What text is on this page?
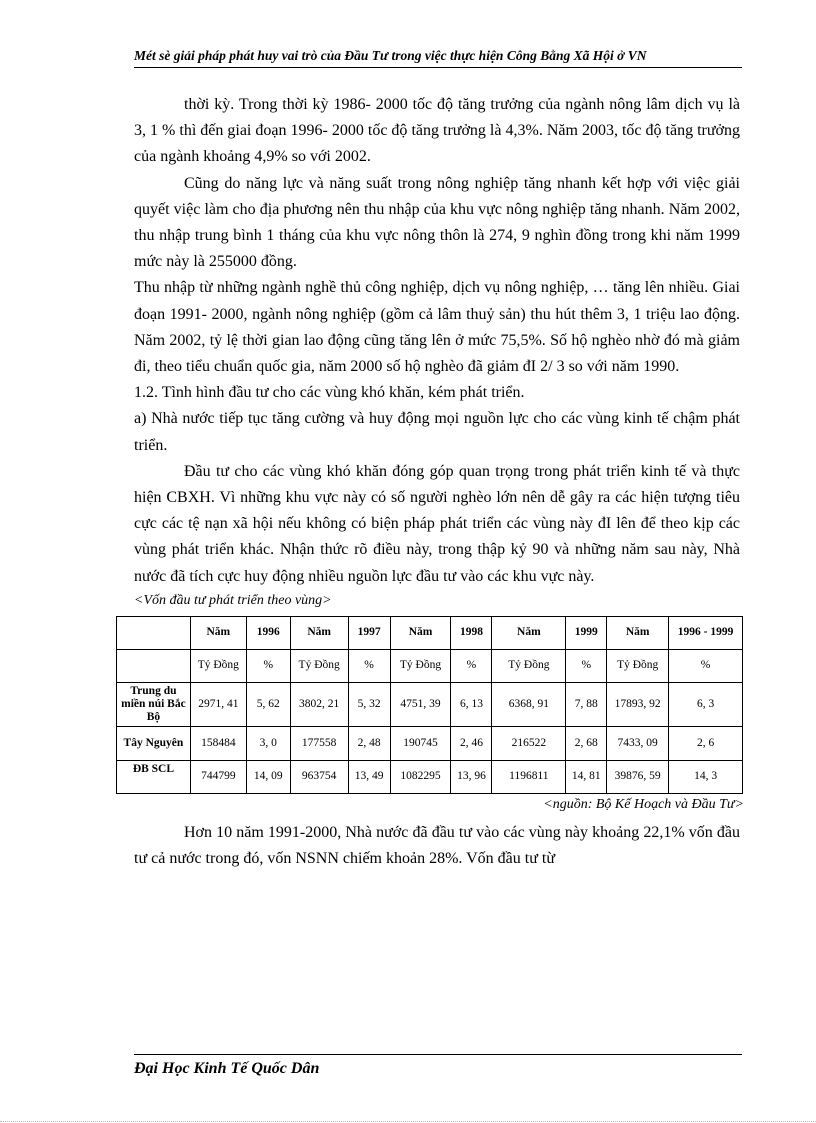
Mét sè giải pháp phát huy vai trò của Đầu Tư trong việc thực hiện Công Bằng Xã Hội ở VN

thời kỳ. Trong thời kỳ 1986- 2000 tốc độ tăng trưởng của ngành nông lâm dịch vụ là 3, 1 % thì đến giai đoạn 1996- 2000 tốc độ tăng trưởng là 4,3%. Năm 2003, tốc độ tăng trưởng của ngành khoảng 4,9% so với 2002.

Cũng do năng lực và năng suất trong nông nghiệp tăng nhanh kết hợp với việc giải quyết việc làm cho địa phương nên thu nhập của khu vực nông nghiệp tăng nhanh. Năm 2002, thu nhập trung bình 1 tháng của khu vực nông thôn là 274, 9 nghìn đồng trong khi năm 1999 mức này là 255000 đồng.

Thu nhập từ những ngành nghề thủ công nghiệp, dịch vụ nông nghiệp, … tăng lên nhiều. Giai đoạn 1991- 2000, ngành nông nghiệp (gồm cả lâm thuỷ sản) thu hút thêm 3, 1 triệu lao động. Năm 2002, tỷ lệ thời gian lao động cũng tăng lên ở mức 75,5%. Số hộ nghèo nhờ đó mà giảm đi, theo tiểu chuẩn quốc gia, năm 2000 số hộ nghèo đã giảm đI 2/ 3 so với năm 1990.

1.2. Tình hình đầu tư cho các vùng khó khăn, kém phát triển.

a) Nhà nước tiếp tục tăng cường và huy động mọi nguồn lực cho các vùng kinh tế chậm phát triển.

Đầu tư cho các vùng khó khăn đóng góp quan trọng trong phát triển kinh tế và thực hiện CBXH. Vì những khu vực này có số người nghèo lớn nên dễ gây ra các hiện tượng tiêu cực các tệ nạn xã hội nếu không có biện pháp phát triển các vùng này đI lên để theo kịp các vùng phát triển khác. Nhận thức rõ điều này, trong thập kỷ 90 và những năm sau này, Nhà nước đã tích cực huy động nhiều nguồn lực đầu tư vào các khu vực này.

<Vốn đầu tư phát triển theo vùng>

	Năm	1996	Năm	1997	Năm	1998	Năm	1999	Năm	1996 - 1999
	Tỷ Đồng	%	Tỷ Đồng	%	Tỷ Đồng	%	Tỷ Đồng	%	Tỷ Đồng	%
Trung du miền núi Bắc Bộ	2971, 41	5, 62	3802, 21	5, 32	4751, 39	6, 13	6368, 91	7, 88	17893, 92	6, 3
Tây Nguyên	158484	3, 0	177558	2, 48	190745	2, 46	216522	2, 68	7433, 09	2, 6
ĐB SCL	744799	14, 09	963754	13, 49	1082295	13, 96	1196811	14, 81	39876, 59	14, 3
<nguồn: Bộ Kế Hoạch và Đầu Tư>

Hơn 10 năm 1991-2000, Nhà nước đã đầu tư vào các vùng này khoảng 22,1% vốn đầu tư cả nước trong đó, vốn NSNN chiếm khoản 28%. Vốn đầu tư từ

Đại Học Kinh Tế Quốc Dân
